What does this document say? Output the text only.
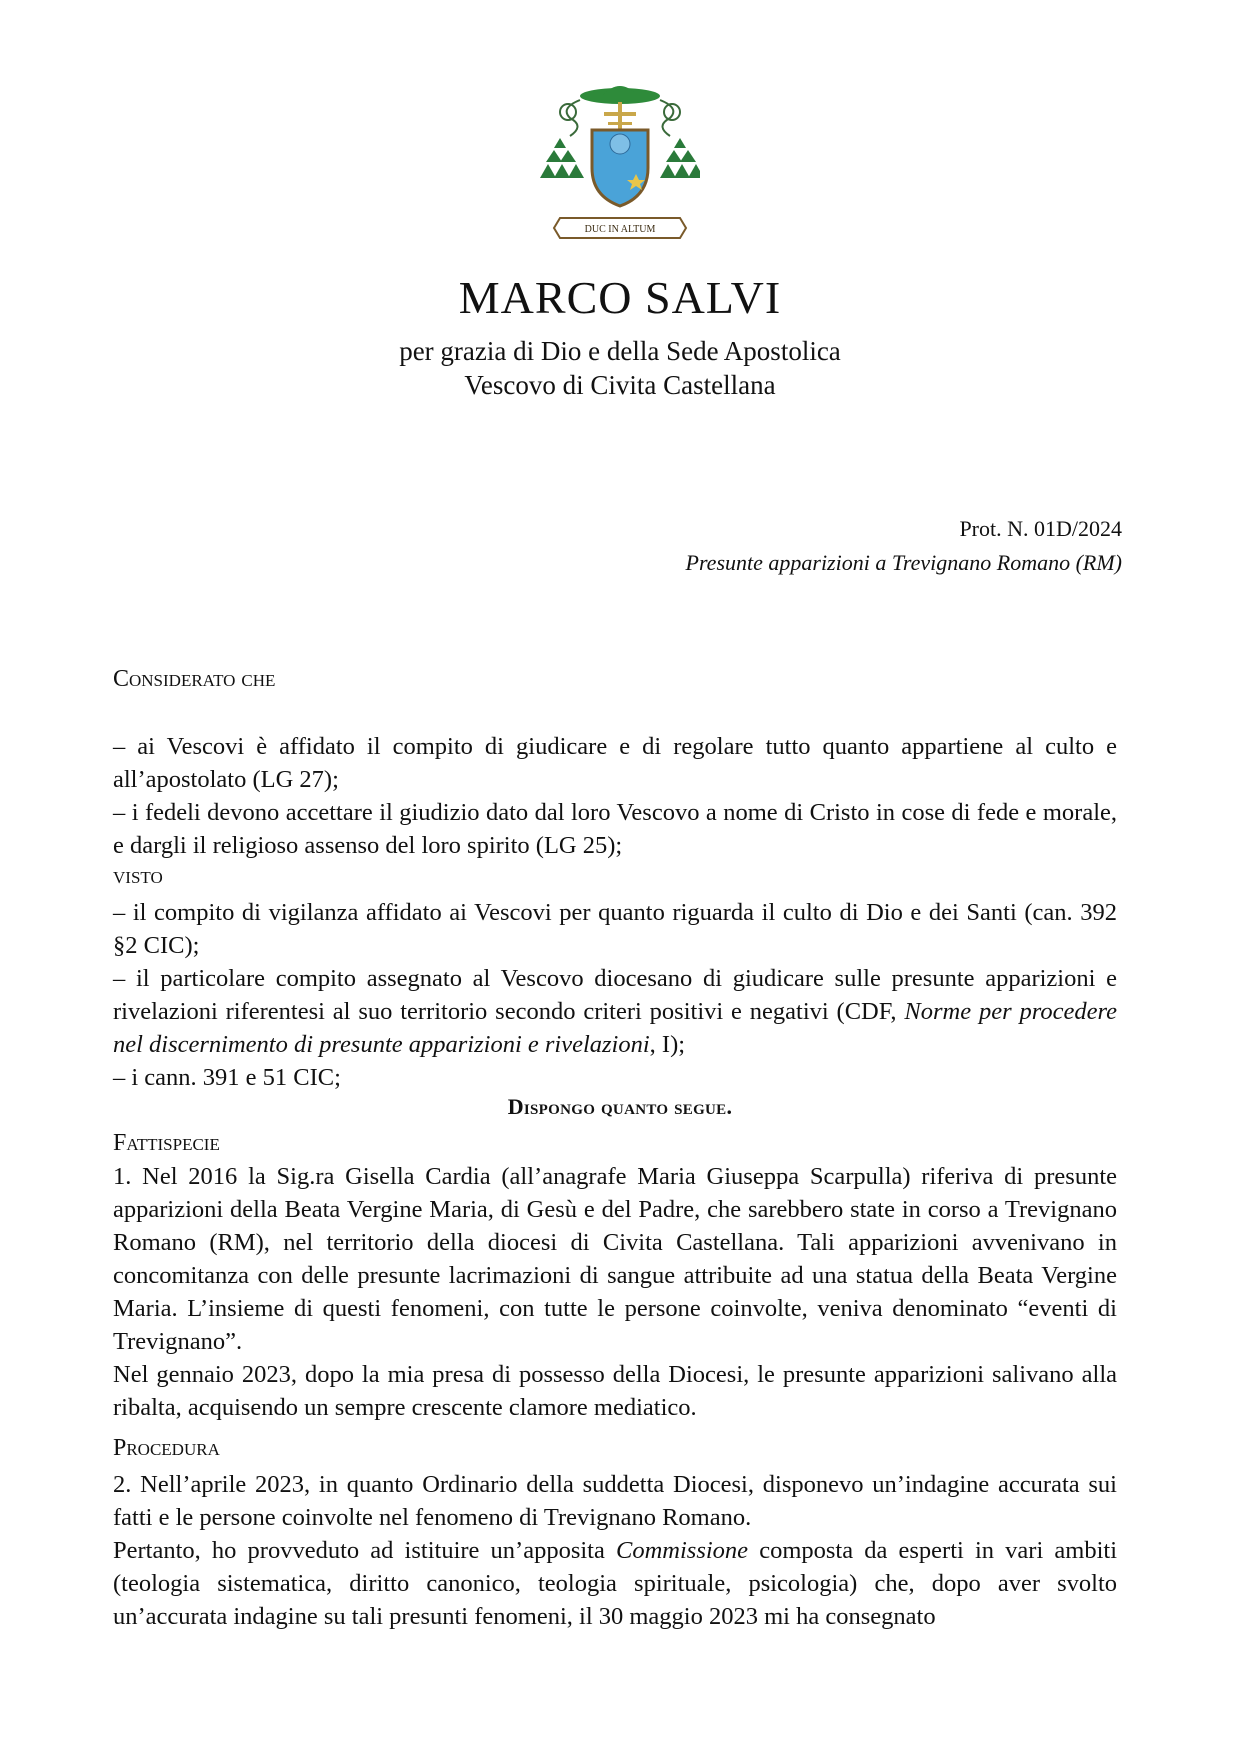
DUC IN ALTUM
MARCO SALVI
per grazia di Dio e della Sede Apostolica
Vescovo di Civita Castellana
Prot. N. 01D/2024
Presunte apparizioni a Trevignano Romano (RM)
Considerato che

– ai Vescovi è affidato il compito di giudicare e di regolare tutto quanto appartiene al culto e all’apostolato (LG 27);

– i fedeli devono accettare il giudizio dato dal loro Vescovo a nome di Cristo in cose di fede e morale, e dargli il religioso assenso del loro spirito (LG 25);

visto

– il compito di vigilanza affidato ai Vescovi per quanto riguarda il culto di Dio e dei Santi (can. 392 §2 CIC);

– il particolare compito assegnato al Vescovo diocesano di giudicare sulle presunte apparizioni e rivelazioni riferentesi al suo territorio secondo criteri positivi e negativi (CDF, Norme per procedere nel discernimento di presunte apparizioni e rivelazioni, I);

– i cann. 391 e 51 CIC;

Dispongo quanto segue.
Fattispecie

1. Nel 2016 la Sig.ra Gisella Cardia (all’anagrafe Maria Giuseppa Scarpulla) riferiva di presunte apparizioni della Beata Vergine Maria, di Gesù e del Padre, che sarebbero state in corso a Trevignano Romano (RM), nel territorio della diocesi di Civita Castellana. Tali apparizioni avvenivano in concomitanza con delle presunte lacrimazioni di sangue attribuite ad una statua della Beata Vergine Maria. L’insieme di questi fenomeni, con tutte le persone coinvolte, veniva denominato “eventi di Trevignano”.

Nel gennaio 2023, dopo la mia presa di possesso della Diocesi, le presunte apparizioni salivano alla ribalta, acquisendo un sempre crescente clamore mediatico.

Procedura

2. Nell’aprile 2023, in quanto Ordinario della suddetta Diocesi, disponevo un’indagine accurata sui fatti e le persone coinvolte nel fenomeno di Trevignano Romano.

Pertanto, ho provveduto ad istituire un’apposita Commissione composta da esperti in vari ambiti (teologia sistematica, diritto canonico, teologia spirituale, psicologia) che, dopo aver svolto un’accurata indagine su tali presunti fenomeni, il 30 maggio 2023 mi ha consegnato
